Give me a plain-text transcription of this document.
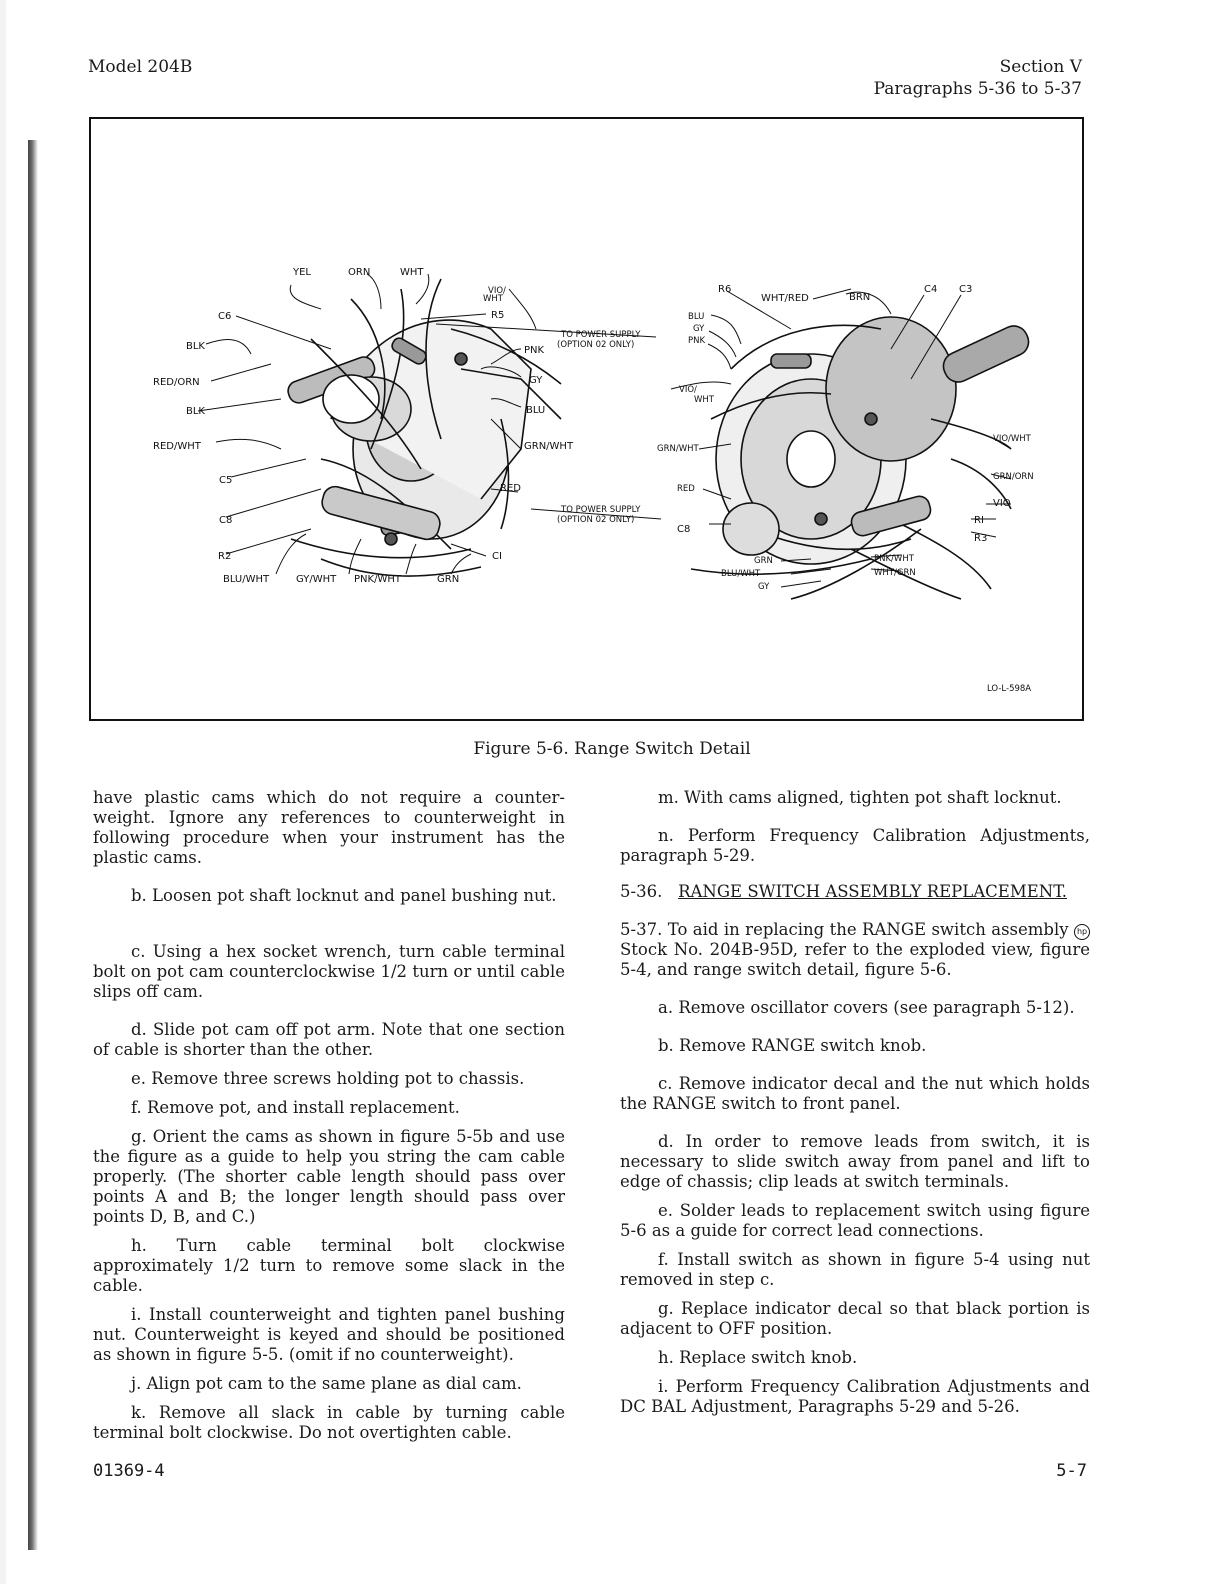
Model 204B	Section V
Paragraphs 5-36 to 5-37
YEL	ORN	WHT
VIO/
WHT
R5
C6
BLK
RED/ORN
BLK
RED/WHT
C5
C8
R2
BLU/WHT	GY/WHT PNK/WHT	GRN
CI
PNK
GY
BLU
GRN/WHT
RED
TO POWER SUPPLY
(OPTION 02 ONLY)
TO POWER SUPPLY
(OPTION 02 ONLY)
R6
WHT/RED	BRN
C4 C3
BLU
GY
PNK
VIO/
WHT
GRN/WHT
RED
C8
VIO/WHT
GRN/ORN
VIO
RI
R3
GRN
BLU/WHT
GY
PNK/WHT
WHT/GRN
LO-L-598A
Figure 5-6. Range Switch Detail

have plastic cams which do not require a counter-weight. Ignore any references to counterweight in following procedure when your instrument has the plastic cams.

b. Loosen pot shaft locknut and panel bushing nut.

c. Using a hex socket wrench, turn cable terminal bolt on pot cam counterclockwise 1/2 turn or until cable slips off cam.

d. Slide pot cam off pot arm. Note that one section of cable is shorter than the other.

e. Remove three screws holding pot to chassis.

f. Remove pot, and install replacement.

g. Orient the cams as shown in figure 5-5b and use the figure as a guide to help you string the cam cable properly. (The shorter cable length should pass over points A and B; the longer length should pass over points D, B, and C.)

h. Turn cable terminal bolt clockwise approximately 1/2 turn to remove some slack in the cable.

i. Install counterweight and tighten panel bushing nut. Counterweight is keyed and should be positioned as shown in figure 5-5. (omit if no counterweight).

j. Align pot cam to the same plane as dial cam.

k. Remove all slack in cable by turning cable terminal bolt clockwise. Do not overtighten cable.

m. With cams aligned, tighten pot shaft locknut.

n. Perform Frequency Calibration Adjustments, paragraph 5-29.

5-36. RANGE SWITCH ASSEMBLY REPLACEMENT.

5-37. To aid in replacing the RANGE switch assembly hp Stock No. 204B-95D, refer to the exploded view, figure 5-4, and range switch detail, figure 5-6.

a. Remove oscillator covers (see paragraph 5-12).

b. Remove RANGE switch knob.

c. Remove indicator decal and the nut which holds the RANGE switch to front panel.

d. In order to remove leads from switch, it is necessary to slide switch away from panel and lift to edge of chassis; clip leads at switch terminals.

e. Solder leads to replacement switch using figure 5-6 as a guide for correct lead connections.

f. Install switch as shown in figure 5-4 using nut removed in step c.

g. Replace indicator decal so that black portion is adjacent to OFF position.

h. Replace switch knob.

i. Perform Frequency Calibration Adjustments and DC BAL Adjustment, Paragraphs 5-29 and 5-26.

01369-4	5-7
